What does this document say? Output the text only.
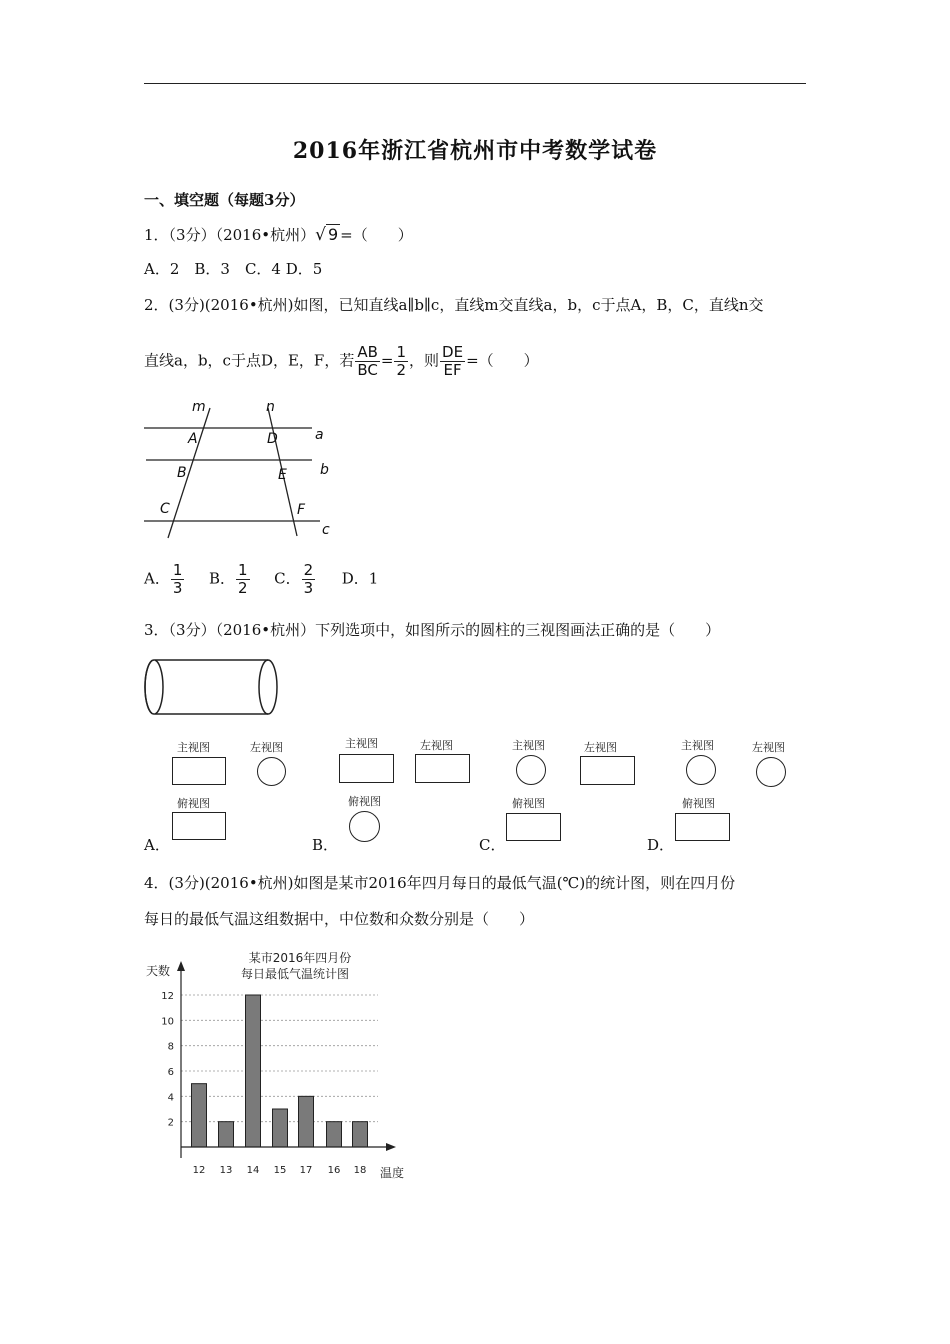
2016年浙江省杭州市中考数学试卷
一、填空题（每题3分）
1．（3分）（2016•杭州）√ 9 =（　　）
A．2　B．3　C．4 D．5
2．(3分)(2016•杭州)如图，已知直线a∥b∥c，直线m交直线a，b，c于点A，B，C，直线n交
直线a，b，c于点D，E，F，若 $\frac{AB}{BC} = \frac{1}{2}$ ，则 $\frac{DE}{EF}$ =（　　）
m	n
A
B
C
D
E
F
a
b
c
A． $\frac{1}{3}$ B． $\frac{1}{2}$ C． $\frac{2}{3}$ D．1
3．（3分）（2016•杭州）下列选项中，如图所示的圆柱的三视图画法正确的是（　　）
主视图	左视图
俯视图
主视图	左视图
俯视图
主视图	左视图
俯视图
主视图	左视图
俯视图
A．	B．	C．	D．
4．(3分)(2016•杭州)如图是某市2016年四月每日的最低气温(℃)的统计图，则在四月份
每日的最低气温这组数据中，中位数和众数分别是（　　）
某市2016年四月份
每日最低气温统计图
天数
温度
2
4
6
8
10
12
12 13 14 15 17 16 18
